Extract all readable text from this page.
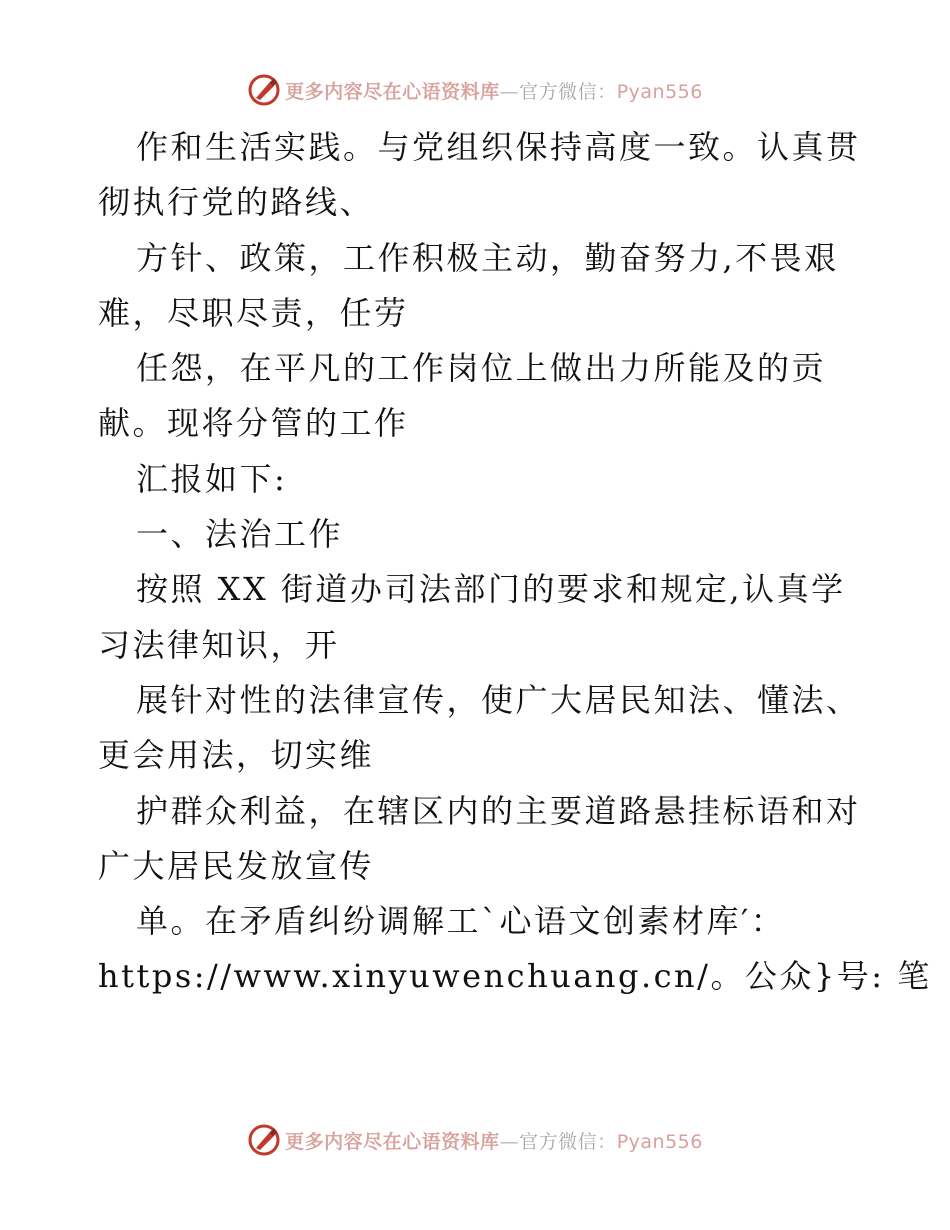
更多内容尽在心语资料库—官方微信：Pyan556
作和生活实践。与党组织保持高度一致。认真贯
彻执行党的路线、
方针、政策，工作积极主动，勤奋努力,不畏艰
难，尽职尽责，任劳
任怨，在平凡的工作岗位上做出力所能及的贡
献。现将分管的工作
汇报如下:
一、法治工作
按照 XX 街道办司法部门的要求和规定,认真学
习法律知识，开
展针对性的法律宣传，使广大居民知法、懂法、
更会用法，切实维
护群众利益，在辖区内的主要道路悬挂标语和对
广大居民发放宣传
单。在矛盾纠纷调解工`心语文创素材库′：
https://www.xinyuwenchuang.cn/。公众}号: 笔
更多内容尽在心语资料库—官方微信：Pyan556
